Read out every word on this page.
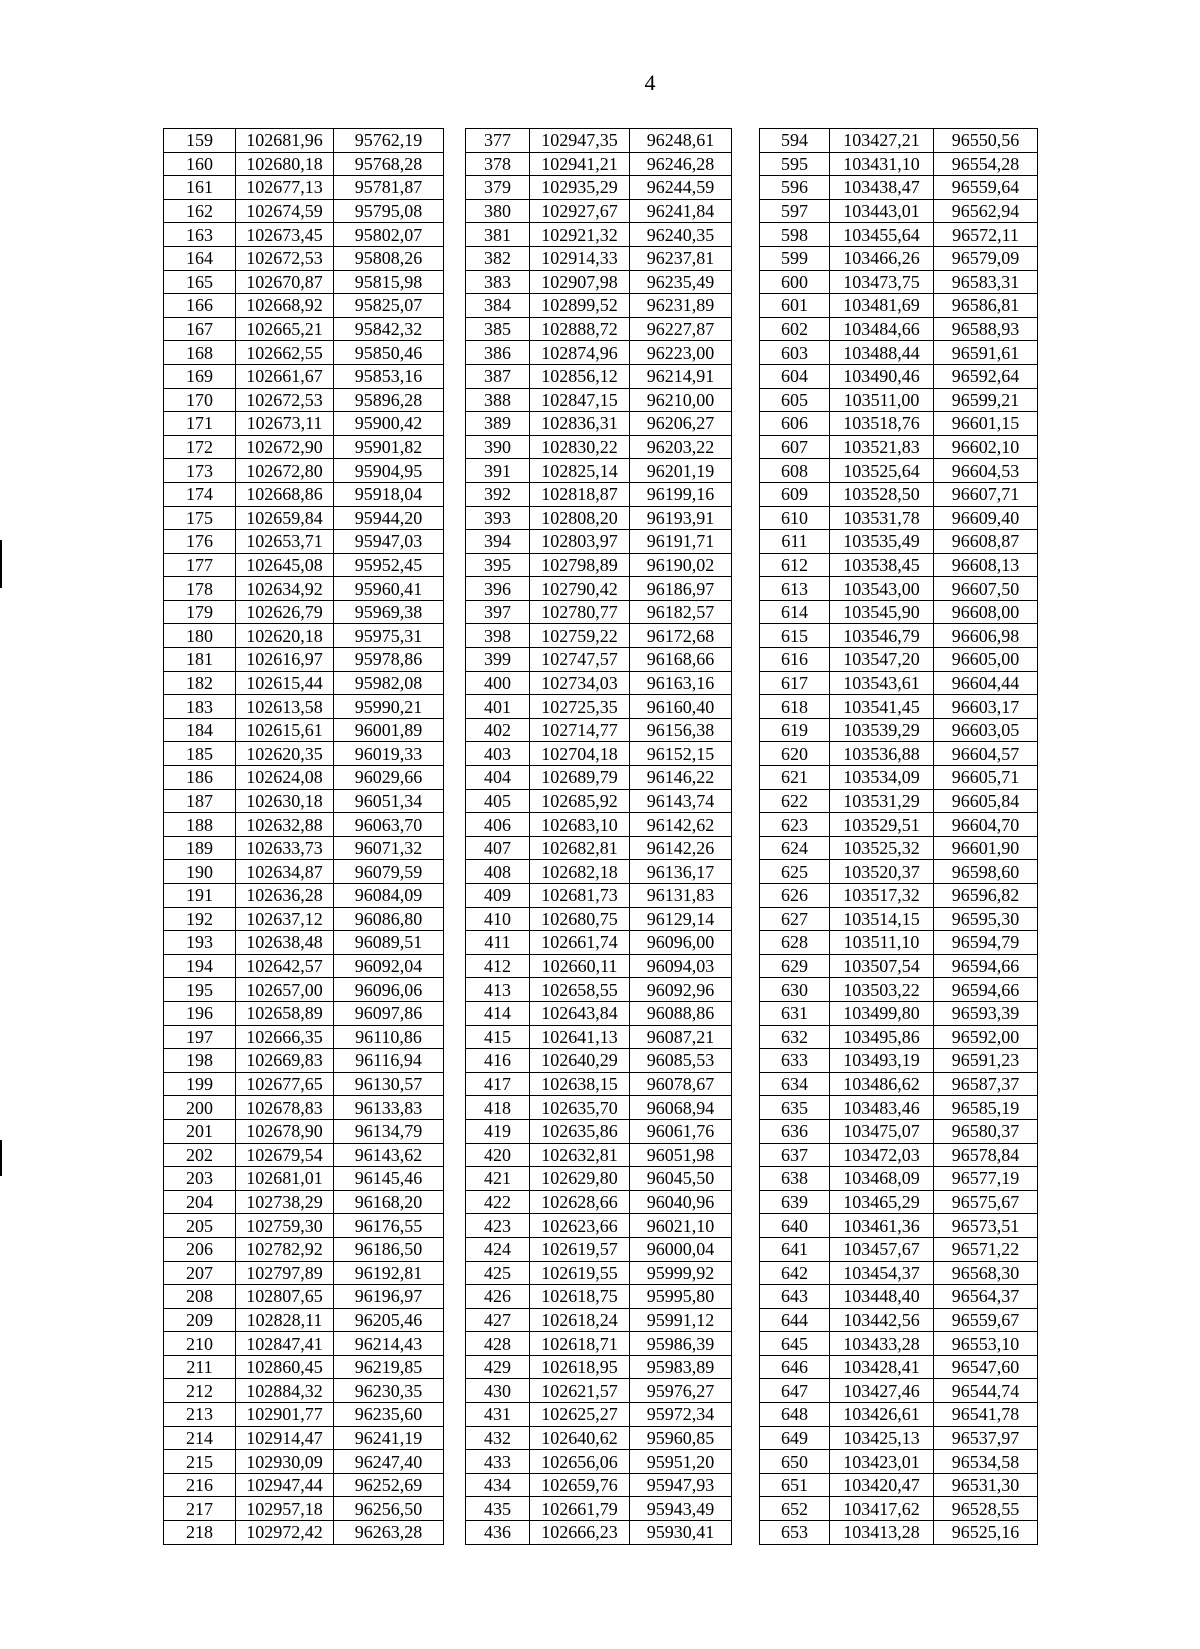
4
159	102681,96	95762,19		377	102947,35	96248,61		594	103427,21	96550,56
160	102680,18	95768,28		378	102941,21	96246,28		595	103431,10	96554,28
161	102677,13	95781,87		379	102935,29	96244,59		596	103438,47	96559,64
162	102674,59	95795,08		380	102927,67	96241,84		597	103443,01	96562,94
163	102673,45	95802,07		381	102921,32	96240,35		598	103455,64	96572,11
164	102672,53	95808,26		382	102914,33	96237,81		599	103466,26	96579,09
165	102670,87	95815,98		383	102907,98	96235,49		600	103473,75	96583,31
166	102668,92	95825,07		384	102899,52	96231,89		601	103481,69	96586,81
167	102665,21	95842,32		385	102888,72	96227,87		602	103484,66	96588,93
168	102662,55	95850,46		386	102874,96	96223,00		603	103488,44	96591,61
169	102661,67	95853,16		387	102856,12	96214,91		604	103490,46	96592,64
170	102672,53	95896,28		388	102847,15	96210,00		605	103511,00	96599,21
171	102673,11	95900,42		389	102836,31	96206,27		606	103518,76	96601,15
172	102672,90	95901,82		390	102830,22	96203,22		607	103521,83	96602,10
173	102672,80	95904,95		391	102825,14	96201,19		608	103525,64	96604,53
174	102668,86	95918,04		392	102818,87	96199,16		609	103528,50	96607,71
175	102659,84	95944,20		393	102808,20	96193,91		610	103531,78	96609,40
176	102653,71	95947,03		394	102803,97	96191,71		611	103535,49	96608,87
177	102645,08	95952,45		395	102798,89	96190,02		612	103538,45	96608,13
178	102634,92	95960,41		396	102790,42	96186,97		613	103543,00	96607,50
179	102626,79	95969,38		397	102780,77	96182,57		614	103545,90	96608,00
180	102620,18	95975,31		398	102759,22	96172,68		615	103546,79	96606,98
181	102616,97	95978,86		399	102747,57	96168,66		616	103547,20	96605,00
182	102615,44	95982,08		400	102734,03	96163,16		617	103543,61	96604,44
183	102613,58	95990,21		401	102725,35	96160,40		618	103541,45	96603,17
184	102615,61	96001,89		402	102714,77	96156,38		619	103539,29	96603,05
185	102620,35	96019,33		403	102704,18	96152,15		620	103536,88	96604,57
186	102624,08	96029,66		404	102689,79	96146,22		621	103534,09	96605,71
187	102630,18	96051,34		405	102685,92	96143,74		622	103531,29	96605,84
188	102632,88	96063,70		406	102683,10	96142,62		623	103529,51	96604,70
189	102633,73	96071,32		407	102682,81	96142,26		624	103525,32	96601,90
190	102634,87	96079,59		408	102682,18	96136,17		625	103520,37	96598,60
191	102636,28	96084,09		409	102681,73	96131,83		626	103517,32	96596,82
192	102637,12	96086,80		410	102680,75	96129,14		627	103514,15	96595,30
193	102638,48	96089,51		411	102661,74	96096,00		628	103511,10	96594,79
194	102642,57	96092,04		412	102660,11	96094,03		629	103507,54	96594,66
195	102657,00	96096,06		413	102658,55	96092,96		630	103503,22	96594,66
196	102658,89	96097,86		414	102643,84	96088,86		631	103499,80	96593,39
197	102666,35	96110,86		415	102641,13	96087,21		632	103495,86	96592,00
198	102669,83	96116,94		416	102640,29	96085,53		633	103493,19	96591,23
199	102677,65	96130,57		417	102638,15	96078,67		634	103486,62	96587,37
200	102678,83	96133,83		418	102635,70	96068,94		635	103483,46	96585,19
201	102678,90	96134,79		419	102635,86	96061,76		636	103475,07	96580,37
202	102679,54	96143,62		420	102632,81	96051,98		637	103472,03	96578,84
203	102681,01	96145,46		421	102629,80	96045,50		638	103468,09	96577,19
204	102738,29	96168,20		422	102628,66	96040,96		639	103465,29	96575,67
205	102759,30	96176,55		423	102623,66	96021,10		640	103461,36	96573,51
206	102782,92	96186,50		424	102619,57	96000,04		641	103457,67	96571,22
207	102797,89	96192,81		425	102619,55	95999,92		642	103454,37	96568,30
208	102807,65	96196,97		426	102618,75	95995,80		643	103448,40	96564,37
209	102828,11	96205,46		427	102618,24	95991,12		644	103442,56	96559,67
210	102847,41	96214,43		428	102618,71	95986,39		645	103433,28	96553,10
211	102860,45	96219,85		429	102618,95	95983,89		646	103428,41	96547,60
212	102884,32	96230,35		430	102621,57	95976,27		647	103427,46	96544,74
213	102901,77	96235,60		431	102625,27	95972,34		648	103426,61	96541,78
214	102914,47	96241,19		432	102640,62	95960,85		649	103425,13	96537,97
215	102930,09	96247,40		433	102656,06	95951,20		650	103423,01	96534,58
216	102947,44	96252,69		434	102659,76	95947,93		651	103420,47	96531,30
217	102957,18	96256,50		435	102661,79	95943,49		652	103417,62	96528,55
218	102972,42	96263,28		436	102666,23	95930,41		653	103413,28	96525,16
